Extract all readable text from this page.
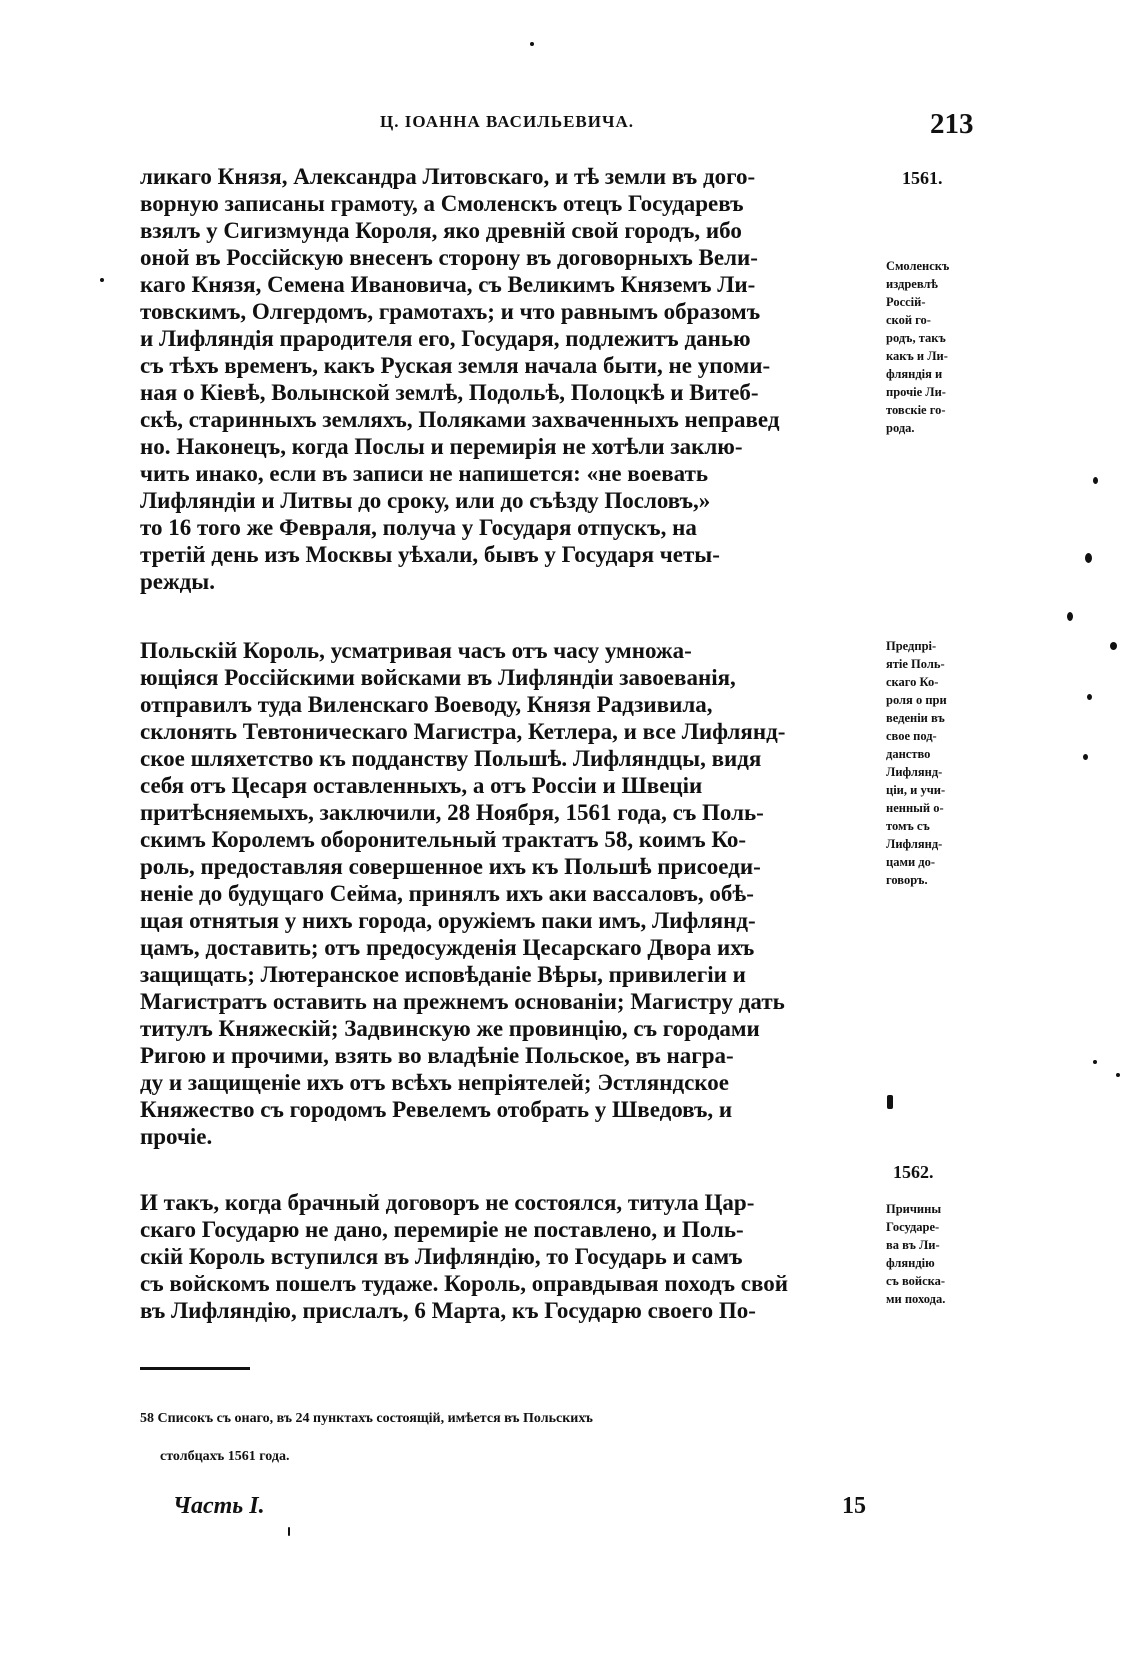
Ц. ІОАННА ВАСИЛЬЕВИЧА.	213
ликаго Князя, Александра Литовскаго, и тѣ земли въ дого-
ворную записаны грамоту, а Смоленскъ отецъ Государевъ
взялъ у Сигизмунда Короля, яко древній свой городъ, ибо
оной въ Россійскую внесенъ сторону въ договорныхъ Вели-
каго Князя, Семена Ивановича, съ Великимъ Княземъ Ли-
товскимъ, Олгердомъ, грамотахъ; и что равнымъ образомъ
и Лифляндія прародителя его, Государя, подлежитъ данью
съ тѣхъ временъ, какъ Руская земля начала быти, не упоми-
ная о Кіевѣ, Волынской землѣ, Подольѣ, Полоцкѣ и Витеб-
скѣ, старинныхъ земляхъ, Поляками захваченныхъ неправед
но. Наконецъ, когда Послы и перемирія не хотѣли заклю-
чить инако, если въ записи не напишется: «не воевать
Лифляндіи и Литвы до сроку, или до съѣзду Пословъ,»
то 16 того же Февраля, получа у Государя отпускъ, на
третій день изъ Москвы уѣхали, бывъ у Государя четы-
режды.
Польскій Король, усматривая часъ отъ часу умножа-
ющіяся Россійскими войсками въ Лифляндіи завоеванія,
отправилъ туда Виленскаго Воеводу, Князя Радзивила,
склонять Тевтоническаго Магистра, Кетлера, и все Лифлянд-
ское шляхетство къ подданству Польшѣ. Лифляндцы, видя
себя отъ Цесаря оставленныхъ, а отъ Россіи и Швеціи
притѣсняемыхъ, заключили, 28 Ноября, 1561 года, съ Поль-
скимъ Королемъ оборонительный трактатъ 58, коимъ Ко-
роль, предоставляя совершенное ихъ къ Польшѣ присоеди-
неніе до будущаго Сейма, принялъ ихъ аки вассаловъ, обѣ-
щая отнятыя у нихъ города, оружіемъ паки имъ, Лифлянд-
цамъ, доставить; отъ предосужденія Цесарскаго Двора ихъ
защищать; Лютеранское исповѣданіе Вѣры, привилегіи и
Магистратъ оставить на прежнемъ основаніи; Магистру дать
титулъ Княжескій; Задвинскую же провинцію, съ городами
Ригою и прочими, взять во владѣніе Польское, въ награ-
ду и защищеніе ихъ отъ всѣхъ непріятелей; Эстляндское
Княжество съ городомъ Ревелемъ отобрать у Шведовъ, и
прочіе.
И такъ, когда брачный договоръ не состоялся, титула Цар-
скаго Государю не дано, перемиріе не поставлено, и Поль-
скій Король вступился въ Лифляндію, то Государь и самъ
съ войскомъ пошелъ тудаже. Король, оправдывая походъ свой
въ Лифляндію, прислалъ, 6 Марта, къ Государю своего По-
1561.
Смоленскъ
издревлѣ
Россій-
ской го-
родъ, такъ
какъ и Ли-
фляндія и
прочіе Ли-
товскіе го-
рода.
Предпрі-
ятіе Поль-
скаго Ко-
роля о при
веденіи въ
свое под-
данство
Лифлянд-
ціи, и учи-
ненный о-
томъ съ
Лифлянд-
цами до-
говоръ.
1562.
Причины
Государе-
ва въ Ли-
фляндію
съ войска-
ми похода.
58 Списокъ съ онаго, въ 24 пунктахъ состоящій, имѣется въ Польскихъ
столбцахъ 1561 года.
Часть I.	15
